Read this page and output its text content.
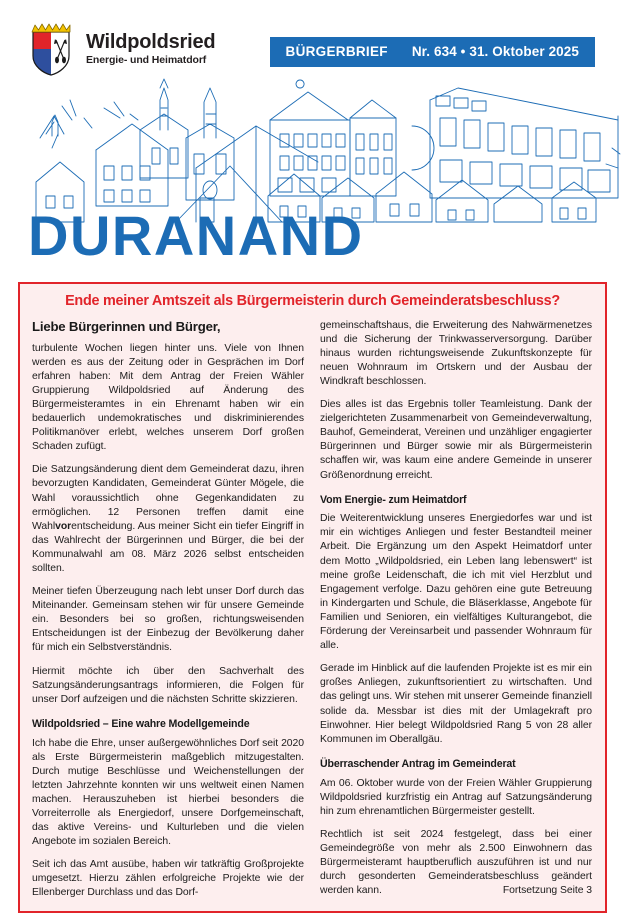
Wildpoldsried
Energie- und Heimatdorf
BÜRGERBRIEF Nr. 634 • 31. Oktober 2025
DURANAND
Ende meiner Amtszeit als Bürgermeisterin durch Gemeinderatsbeschluss?
Liebe Bürgerinnen und Bürger,

turbulente Wochen liegen hinter uns. Viele von Ihnen werden es aus der Zeitung oder in Gesprächen im Dorf erfahren haben: Mit dem Antrag der Freien Wähler Gruppierung Wildpoldsried auf Änderung des Bürgermeisteramtes in ein Ehrenamt haben wir ein bedauerlich undemokratisches und diskriminierendes Politikmanöver erlebt, welches unserem Dorf großen Schaden zufügt.

Die Satzungsänderung dient dem Gemeinderat dazu, ihren bevorzugten Kandidaten, Gemeinderat Günter Mögele, die Wahl voraussichtlich ohne Gegenkandidaten zu ermöglichen. 12 Personen treffen damit eine Wahlvorentscheidung. Aus meiner Sicht ein tiefer Eingriff in das Wahlrecht der Bürgerinnen und Bürger, die bei der Kommunalwahl am 08. März 2026 selbst entscheiden sollten.

Meiner tiefen Überzeugung nach lebt unser Dorf durch das Miteinander. Gemeinsam stehen wir für unsere Gemeinde ein. Besonders bei so großen, richtungsweisenden Entscheidungen ist der Einbezug der Bevölkerung daher für mich ein Selbstverständnis.

Hiermit möchte ich über den Sachverhalt des Satzungsänderungsantrags informieren, die Folgen für unser Dorf aufzeigen und die nächsten Schritte skizzieren.

Wildpoldsried – Eine wahre Modellgemeinde

Ich habe die Ehre, unser außergewöhnliches Dorf seit 2020 als Erste Bürgermeisterin maßgeblich mitzugestalten. Durch mutige Beschlüsse und Weichenstellungen der letzten Jahrzehnte konnten wir uns weltweit einen Namen machen. Herauszuheben ist hierbei besonders die Vorreiterrolle als Energiedorf, unsere Dorfgemeinschaft, das aktive Vereins- und Kulturleben und die vielen Angebote im sozialen Bereich.

Seit ich das Amt ausübe, haben wir tatkräftig Großprojekte umgesetzt. Hierzu zählen erfolgreiche Projekte wie der Ellenberger Durchlass und das Dorf-

gemeinschaftshaus, die Erweiterung des Nahwärmenetzes und die Sicherung der Trinkwasserversorgung. Darüber hinaus wurden richtungsweisende Zukunftskonzepte für neuen Wohnraum im Ortskern und der Ausbau der Windkraft beschlossen.

Dies alles ist das Ergebnis toller Teamleistung. Dank der zielgerichteten Zusammenarbeit von Gemeindeverwaltung, Bauhof, Gemeinderat, Vereinen und unzähliger engagierter Bürgerinnen und Bürger sowie mir als Bürgermeisterin schaffen wir, was kaum eine andere Gemeinde in unserer Größenordnung erreicht.

Vom Energie- zum Heimatdorf

Die Weiterentwicklung unseres Energiedorfes war und ist mir ein wichtiges Anliegen und fester Bestandteil meiner Arbeit. Die Ergänzung um den Aspekt Heimatdorf unter dem Motto „Wildpoldsried, ein Leben lang lebenswert“ ist meine große Leidenschaft, die ich mit viel Herzblut und Engagement verfolge. Dazu gehören eine gute Betreuung in Kindergarten und Schule, die Bläserklasse, Angebote für Familien und Senioren, ein vielfältiges Kulturangebot, die Förderung der Vereinsarbeit und passender Wohnraum für alle.

Gerade im Hinblick auf die laufenden Projekte ist es mir ein großes Anliegen, zukunftsorientiert zu wirtschaften. Und das gelingt uns. Wir stehen mit unserer Gemeinde finanziell solide da. Messbar ist dies mit der Umlagekraft pro Einwohner. Hier belegt Wildpoldsried Rang 5 von 28 aller Kommunen im Oberallgäu.

Überraschender Antrag im Gemeinderat

Am 06. Oktober wurde von der Freien Wähler Gruppierung Wildpoldsried kurzfristig ein Antrag auf Satzungsänderung hin zum ehrenamtlichen Bürgermeister gestellt.

Rechtlich ist seit 2024 festgelegt, dass bei einer Gemeindegröße von mehr als 2.500 Einwohnern das Bürgermeisteramt hauptberuflich auszuführen ist und nur durch gesonderten Gemeinderatsbeschluss geändert werden kann.	Fortsetzung Seite 3
